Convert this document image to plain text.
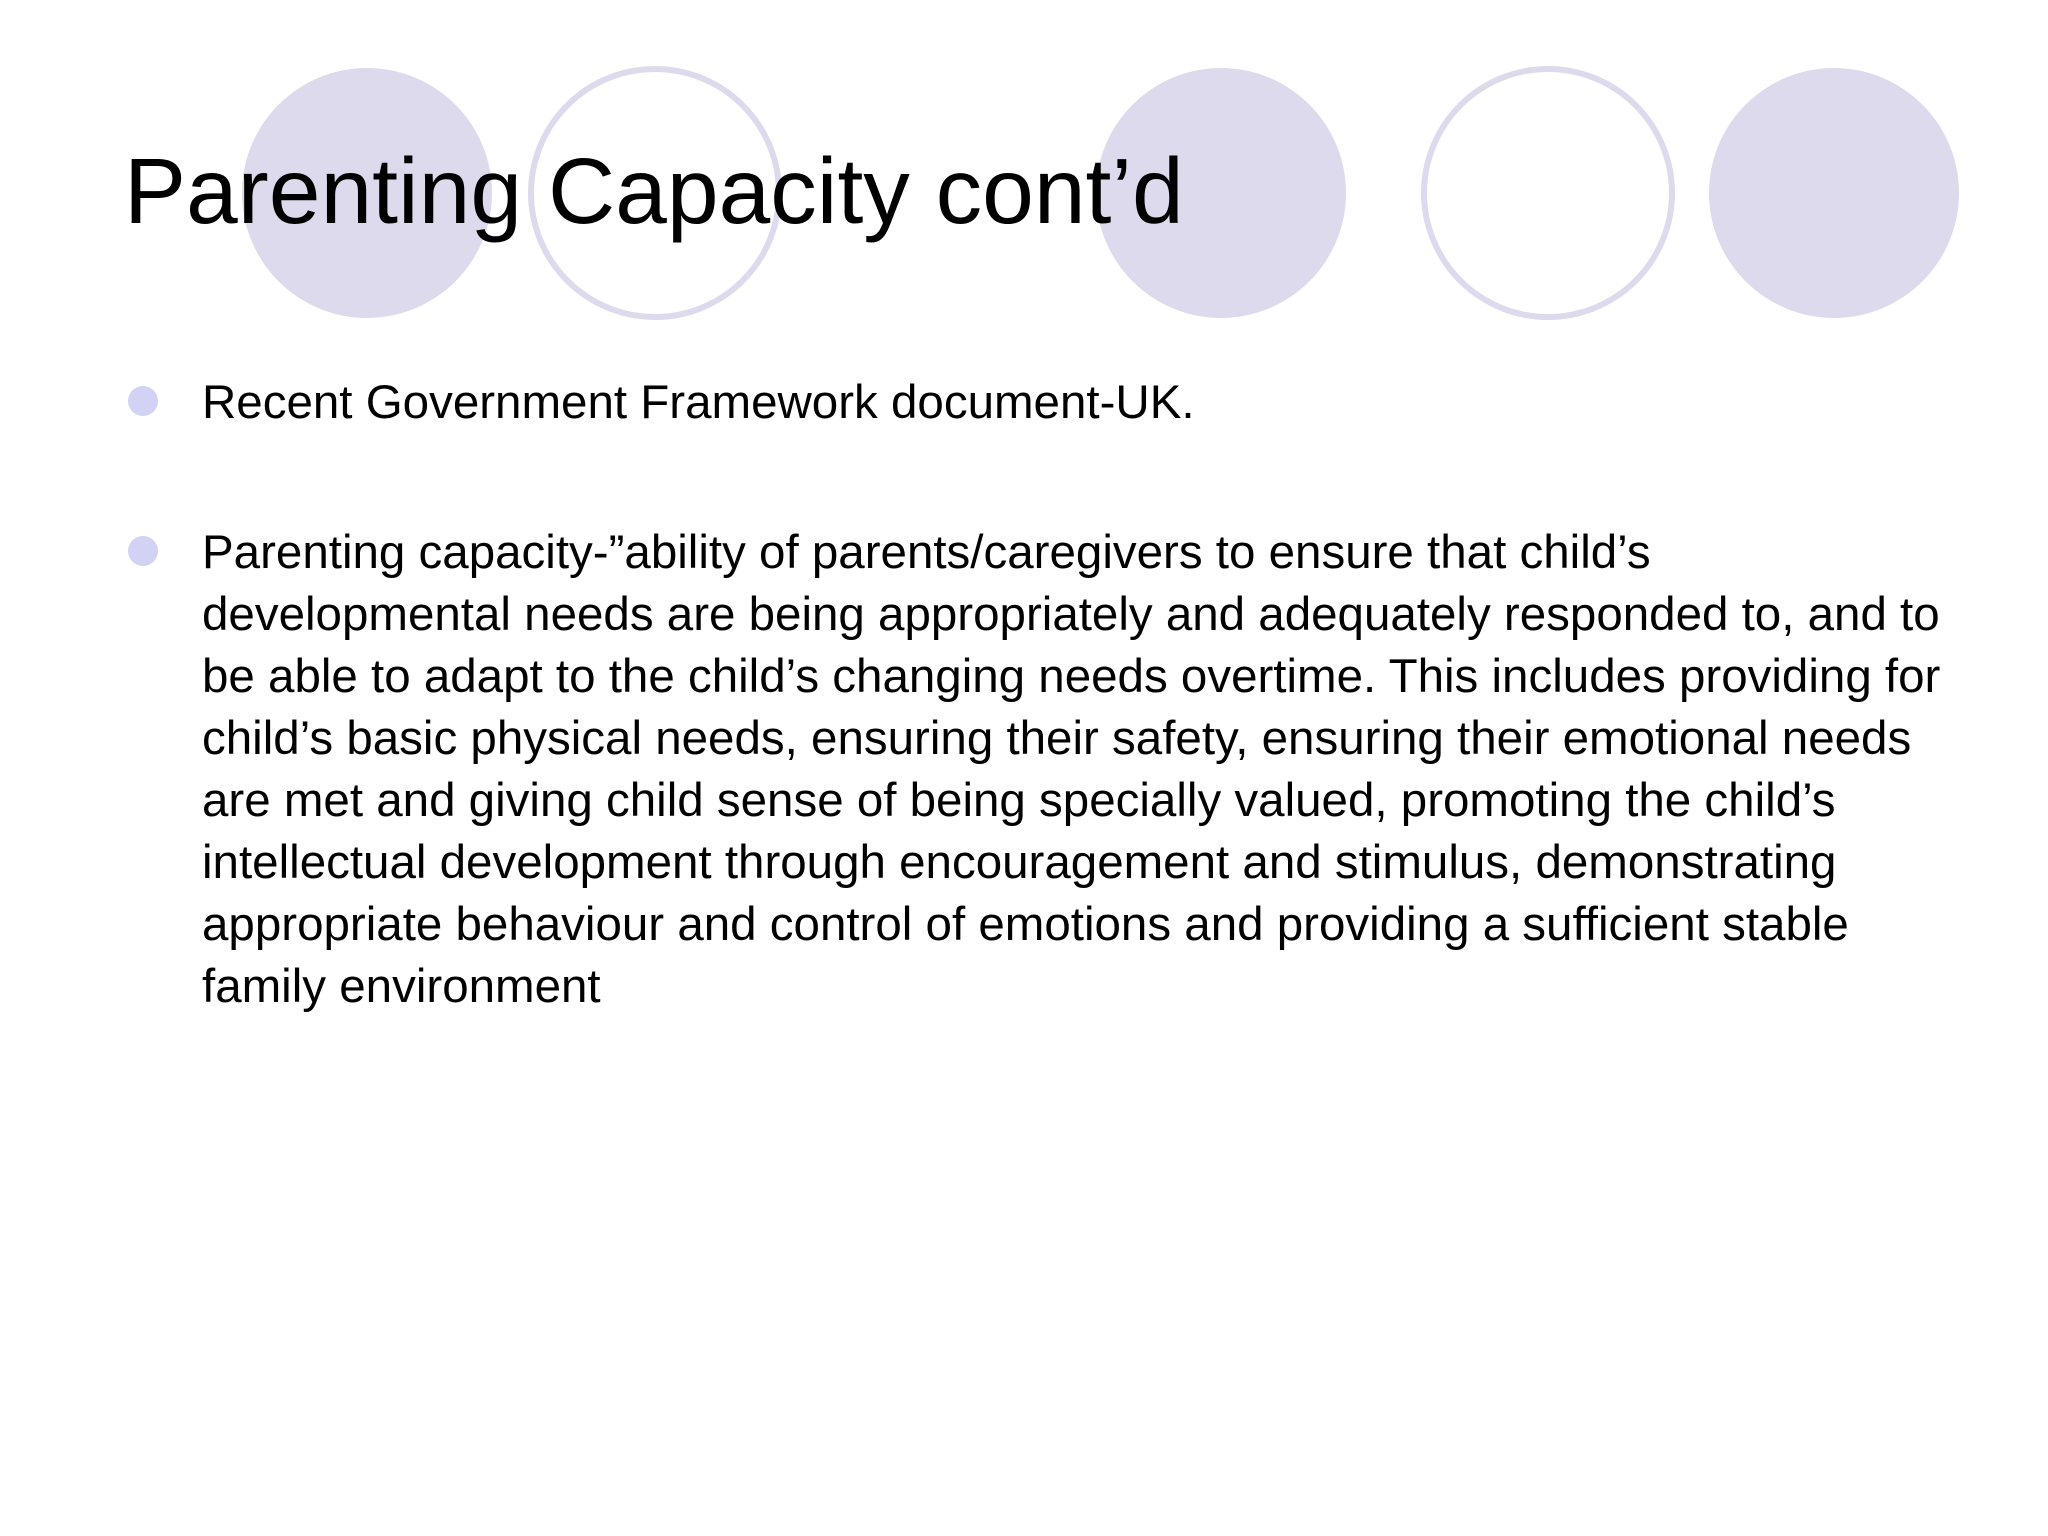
Parenting Capacity cont’d

Recent Government Framework document-UK.

Parenting capacity-”ability of parents/caregivers to ensure that child’s developmental needs are being appropriately and adequately responded to, and to be able to adapt to the child’s changing needs overtime. This includes providing for child’s basic physical needs, ensuring their safety, ensuring their emotional needs are met and giving child sense of being specially valued, promoting the child’s intellectual development through encouragement and stimulus, demonstrating appropriate behaviour and control of emotions and providing a sufficient stable family environment
